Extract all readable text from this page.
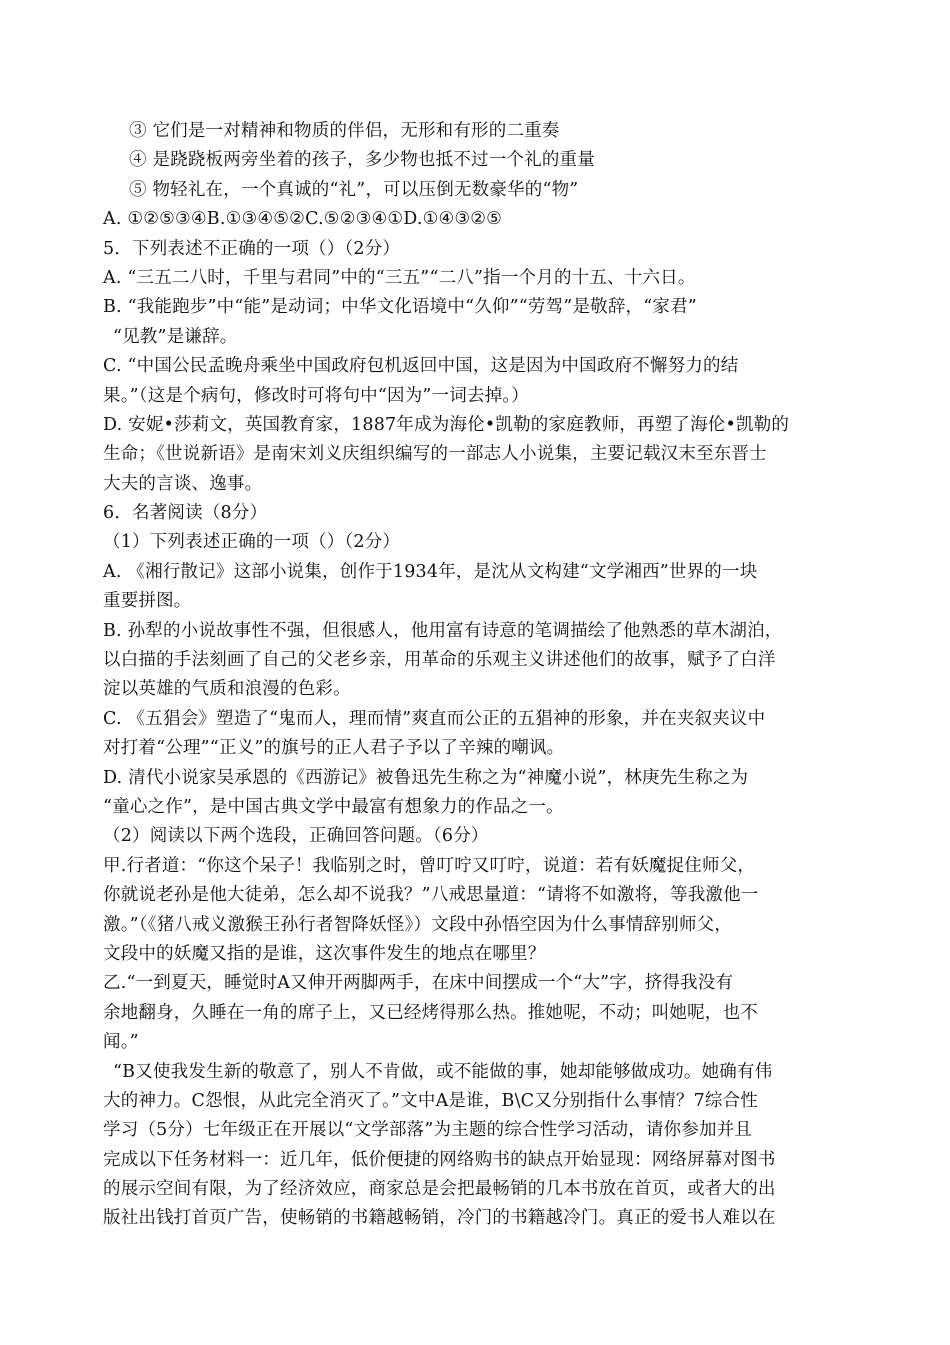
③ 它们是一对精神和物质的伴侣，无形和有形的二重奏
④ 是跷跷板两旁坐着的孩子，多少物也抵不过一个礼的重量
⑤ 物轻礼在，一个真诚的“礼”，可以压倒无数豪华的“物”
A. ①②⑤③④B.①③④⑤②C.⑤②③④①D.①④③②⑤
5．下列表述不正确的一项（）（2分）
A. “三五二八时，千里与君同”中的“三五”“二八”指一个月的十五、十六日。
B. “我能跑步”中“能”是动词；中华文化语境中“久仰”“劳驾”是敬辞，“家君”
“见教”是谦辞。
C. “中国公民孟晚舟乘坐中国政府包机返回中国，这是因为中国政府不懈努力的结
果。”（这是个病句，修改时可将句中“因为”一词去掉。）
D. 安妮•莎莉文，英国教育家，1887年成为海伦•凯勒的家庭教师，再塑了海伦•凯勒的
生命；《世说新语》是南宋刘义庆组织编写的一部志人小说集，主要记载汉末至东晋士
大夫的言谈、逸事。
6．名著阅读（8分）
（1）下列表述正确的一项（）（2分）
A. 《湘行散记》这部小说集，创作于1934年，是沈从文构建“文学湘西”世界的一块
重要拼图。
B. 孙犁的小说故事性不强，但很感人，他用富有诗意的笔调描绘了他熟悉的草木湖泊，
以白描的手法刻画了自己的父老乡亲，用革命的乐观主义讲述他们的故事，赋予了白洋
淀以英雄的气质和浪漫的色彩。
C. 《五猖会》塑造了“鬼而人，理而情”爽直而公正的五猖神的形象，并在夹叙夹议中
对打着“公理”“正义”的旗号的正人君子予以了辛辣的嘲讽。
D. 清代小说家吴承恩的《西游记》被鲁迅先生称之为“神魔小说”，林庚先生称之为
“童心之作”，是中国古典文学中最富有想象力的作品之一。
（2）阅读以下两个选段，正确回答问题。（6分）
甲.行者道：“你这个呆子！我临别之时，曾叮咛又叮咛，说道：若有妖魔捉住师父，
你就说老孙是他大徒弟，怎么却不说我？”八戒思量道：“请将不如激将，等我激他一
激。”（《猪八戒义激猴王孙行者智降妖怪》）文段中孙悟空因为什么事情辞别师父，
文段中的妖魔又指的是谁，这次事件发生的地点在哪里？
乙.“一到夏天，睡觉时A又伸开两脚两手，在床中间摆成一个“大”字，挤得我没有
余地翻身，久睡在一角的席子上，又已经烤得那么热。推她呢，不动；叫她呢，也不
闻。”
“B又使我发生新的敬意了，别人不肯做，或不能做的事，她却能够做成功。她确有伟
大的神力。C怨恨，从此完全消灭了。”文中A是谁，B\C又分别指什么事情？7综合性
学习（5分）七年级正在开展以“文学部落”为主题的综合性学习活动，请你参加并且
完成以下任务材料一：近几年，低价便捷的网络购书的缺点开始显现：网络屏幕对图书
的展示空间有限，为了经济效应，商家总是会把最畅销的几本书放在首页，或者大的出
版社出钱打首页广告，使畅销的书籍越畅销，冷门的书籍越冷门。真正的爱书人难以在
